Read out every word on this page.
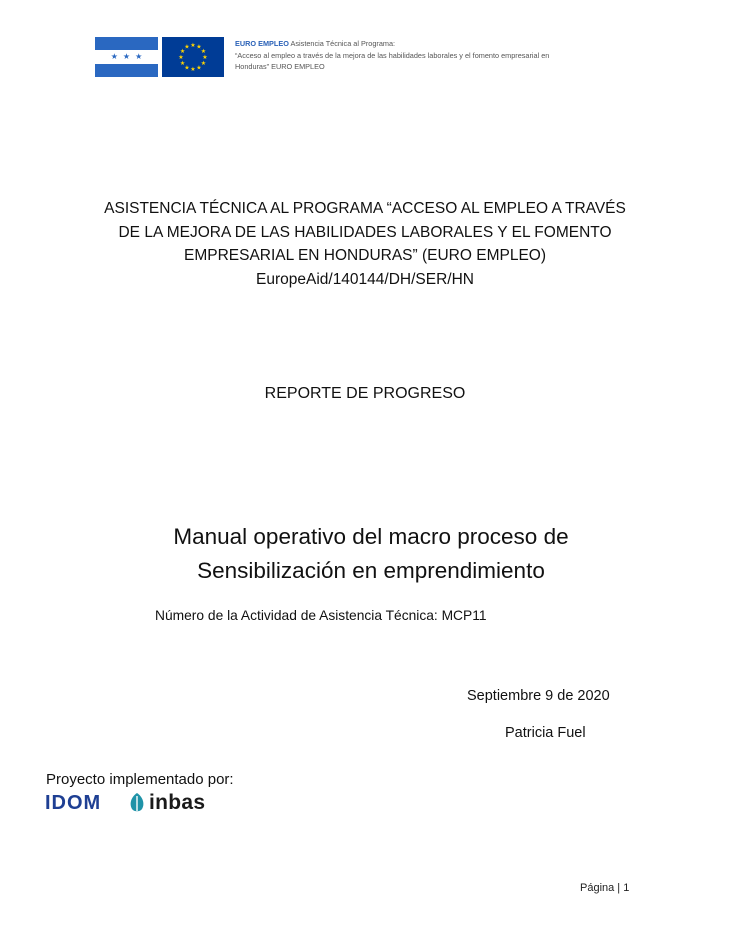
★ ★ ★
★ ★
★
★
★
★
★
★
★
★
★
★	EURO EMPLEO Asistencia Técnica al Programa:
“Acceso al empleo a través de la mejora de las habilidades laborales y el fomento empresarial en
Honduras” EURO EMPLEO
ASISTENCIA TÉCNICA AL PROGRAMA “ACCESO AL EMPLEO A TRAVÉS
DE LA MEJORA DE LAS HABILIDADES LABORALES Y EL FOMENTO
EMPRESARIAL EN HONDURAS” (EURO EMPLEO)
EuropeAid/140144/DH/SER/HN
REPORTE DE PROGRESO
Manual operativo del macro proceso de
Sensibilización en emprendimiento
Número de la Actividad de Asistencia Técnica: MCP11
Septiembre 9 de 2020
Patricia Fuel
Proyecto implementado por:
IDOM inbas
Página | 1
